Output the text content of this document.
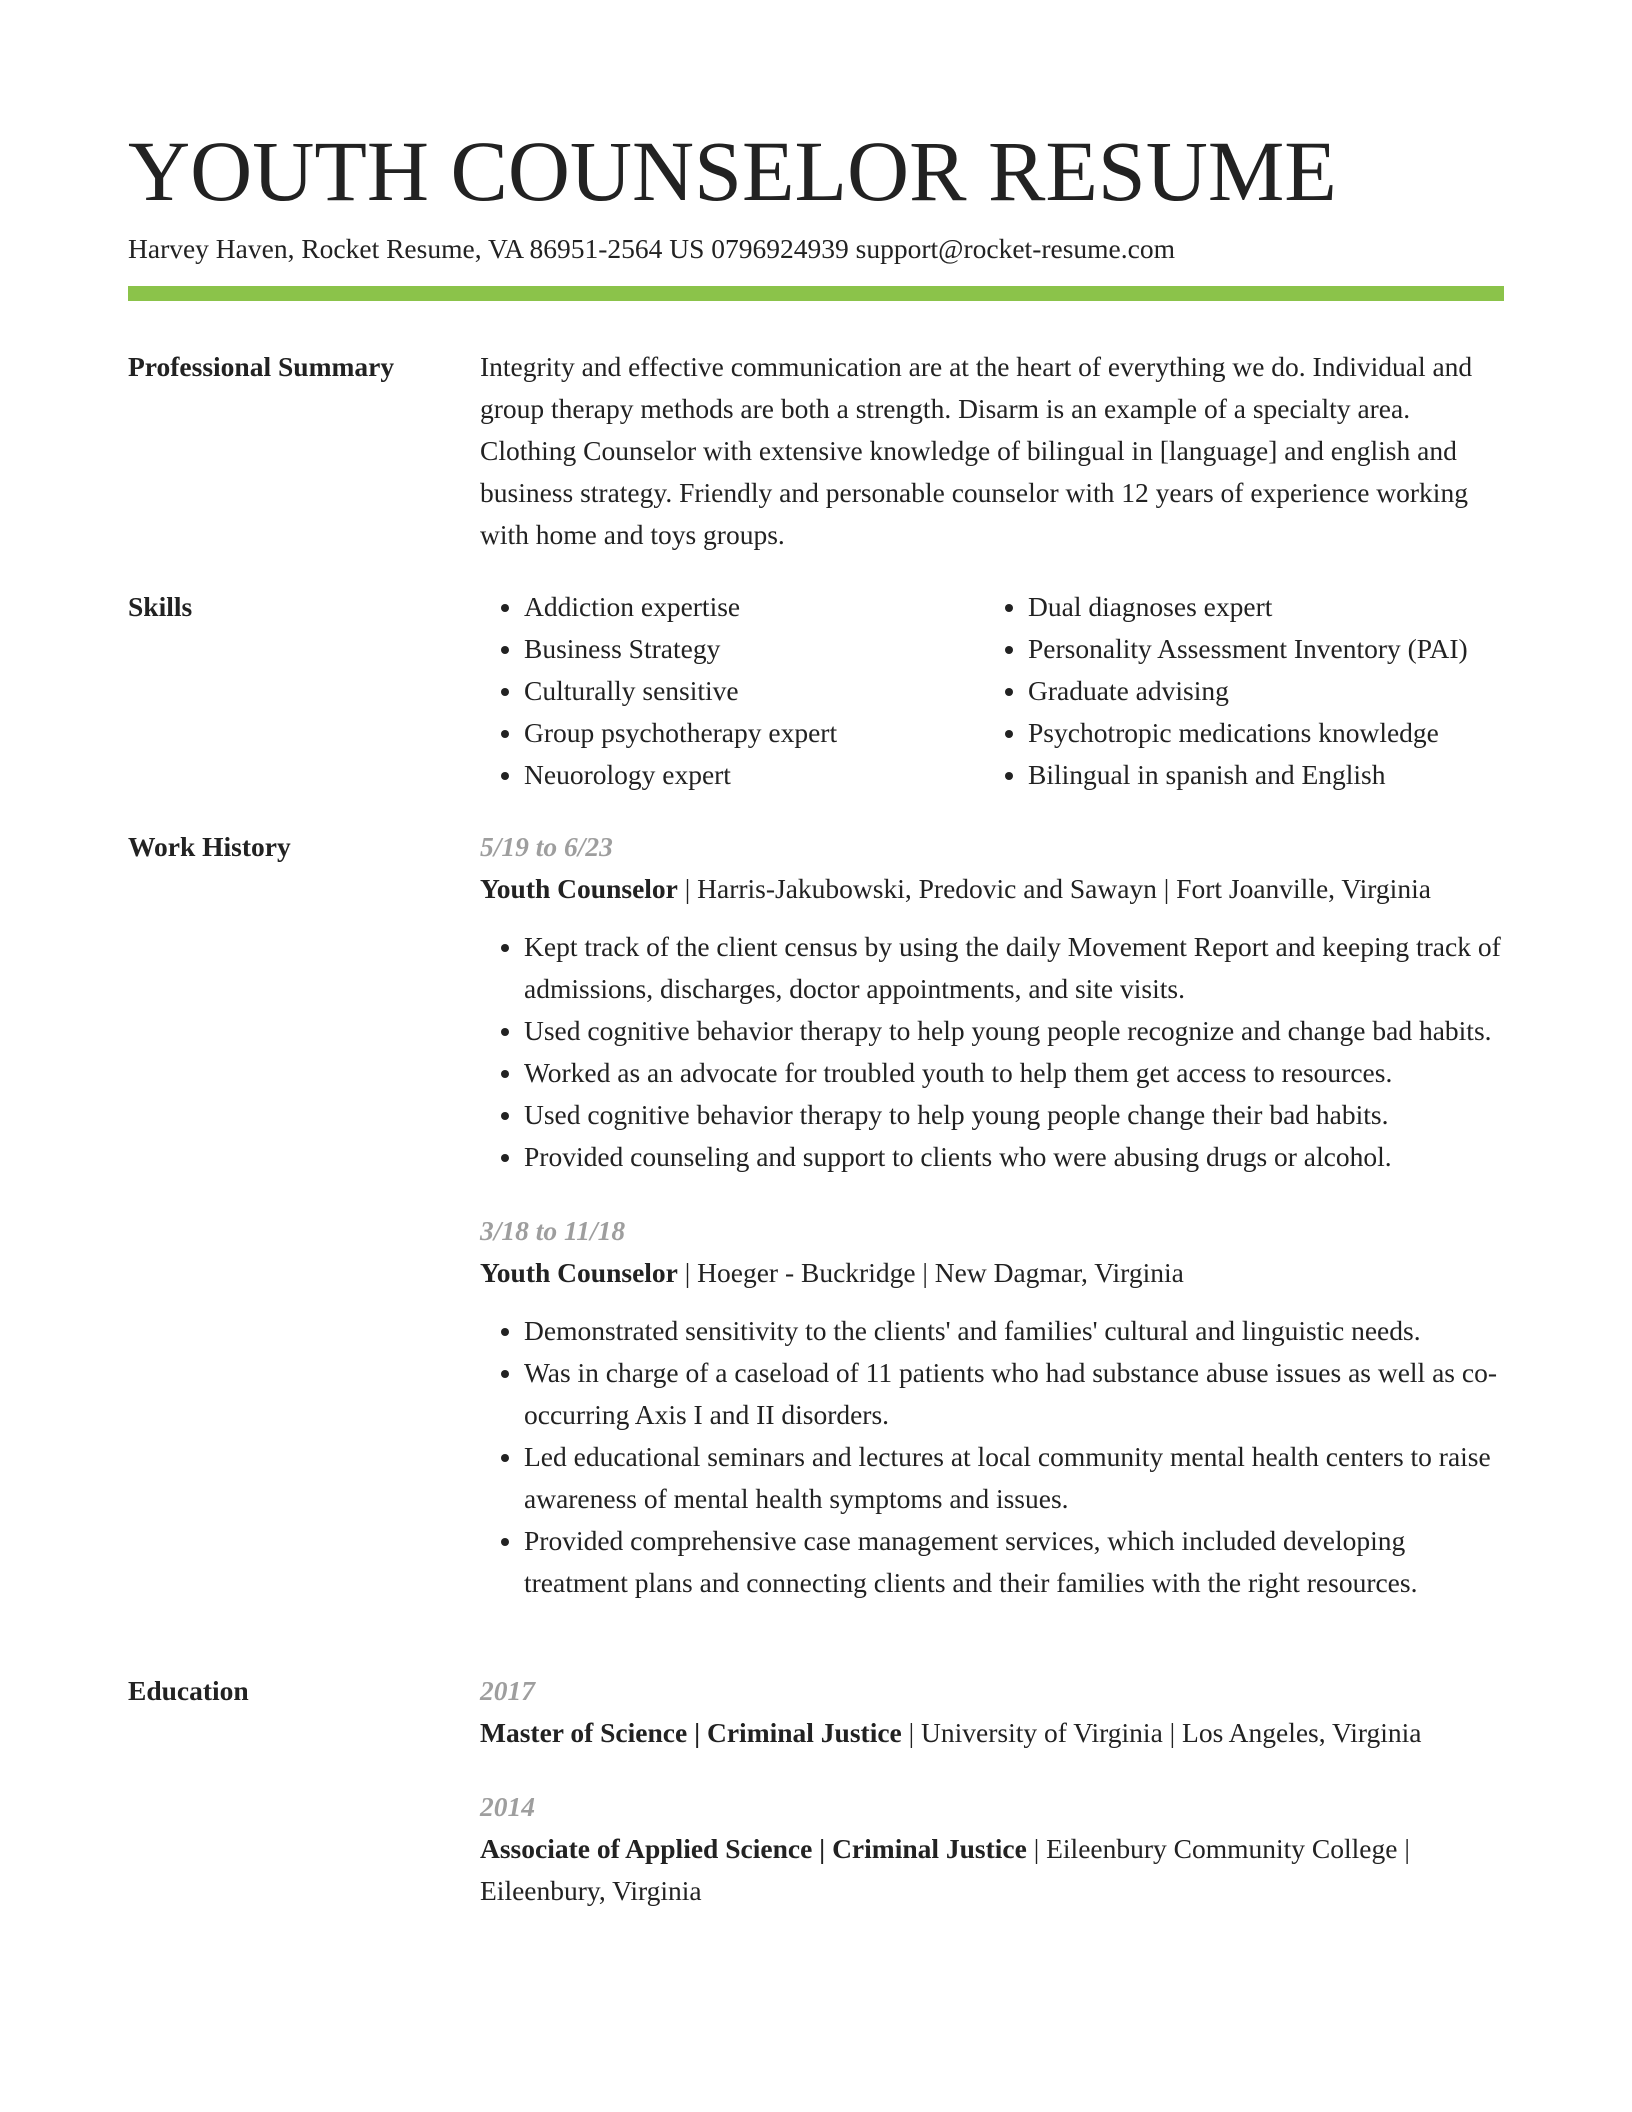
YOUTH COUNSELOR RESUME
Harvey Haven, Rocket Resume, VA 86951-2564 US 0796924939 support@rocket-resume.com
Professional Summary	Integrity and effective communication are at the heart of everything we do. Individual and group therapy methods are both a strength. Disarm is an example of a specialty area. Clothing Counselor with extensive knowledge of bilingual in [language] and english and business strategy. Friendly and personable counselor with 12 years of experience working with home and toys groups.

Skills
•	Addiction expertise
• Business Strategy
• Culturally sensitive
• Group psychotherapy expert
• Neuorology expert
• Dual diagnoses expert
• Personality Assessment Inventory (PAI)
• Graduate advising
• Psychotropic medications knowledge
• Bilingual in spanish and English
Work History	5/19 to 6/23
Youth Counselor | Harris-Jakubowski, Predovic and Sawayn | Fort Joanville, Virginia
• Kept track of the client census by using the daily Movement Report and keeping track of admissions, discharges, doctor appointments, and site visits.
• Used cognitive behavior therapy to help young people recognize and change bad habits.
• Worked as an advocate for troubled youth to help them get access to resources.
• Used cognitive behavior therapy to help young people change their bad habits.
• Provided counseling and support to clients who were abusing drugs or alcohol.
3/18 to 11/18
Youth Counselor | Hoeger - Buckridge | New Dagmar, Virginia
• Demonstrated sensitivity to the clients' and families' cultural and linguistic needs.
• Was in charge of a caseload of 11 patients who had substance abuse issues as well as co-occurring Axis I and II disorders.
• Led educational seminars and lectures at local community mental health centers to raise awareness of mental health symptoms and issues.
• Provided comprehensive case management services, which included developing treatment plans and connecting clients and their families with the right resources.
Education	2017
Master of Science | Criminal Justice | University of Virginia | Los Angeles, Virginia
2014
Associate of Applied Science | Criminal Justice | Eileenbury Community College | Eileenbury, Virginia
